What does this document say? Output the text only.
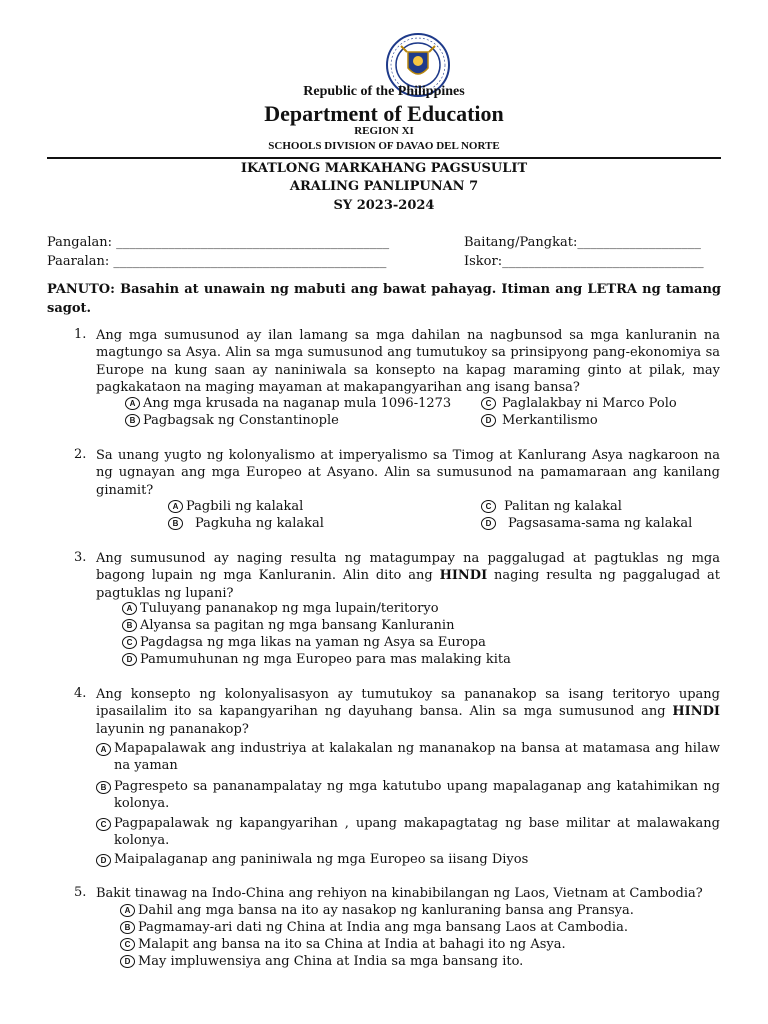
Republic of the Philippines
Department of Education
REGION XI
SCHOOLS DIVISION OF DAVAO DEL NORTE
IKATLONG MARKAHANG PAGSUSULIT
ARALING PANLIPUNAN 7
SY 2023-2024
Pangalan: __________________________________________
Paaralan: __________________________________________
Baitang/Pangkat:___________________
Iskor:_______________________________
PANUTO: Basahin at unawain ng mabuti ang bawat pahayag. Itiman ang LETRA ng tamang sagot.
1. Ang mga sumusunod ay ilan lamang sa mga dahilan na nagbunsod sa mga kanluranin na magtungo sa Asya. Alin sa mga sumusunod ang tumutukoy sa prinsipyong pang-ekonomiya sa Europe na kung saan ay naniniwala sa konsepto na kapag maraming ginto at pilak, may pagkakataon na maging mayaman at makapangyarihan ang isang bansa?
A Ang mga krusada na naganap mula 1096-1273	C Paglalakbay ni Marco Polo
B Pagbagsak ng Constantinople	D Merkantilismo
2. Sa unang yugto ng kolonyalismo at imperyalismo sa Timog at Kanlurang Asya nagkaroon na ng ugnayan ang mga Europeo at Asyano. Alin sa sumusunod na pamamaraan ang kanilang ginamit?
A Pagbili ng kalakal	C Palitan ng kalakal
B	Pagkuha ng kalakal	D	Pagsasama-sama ng kalakal
3. Ang sumusunod ay naging resulta ng matagumpay na paggalugad at pagtuklas ng mga bagong lupain ng mga Kanluranin. Alin dito ang HINDI naging resulta ng paggalugad at pagtuklas ng lupani?
A Tuluyang pananakop ng mga lupain/teritoryo
B Alyansa sa pagitan ng mga bansang Kanluranin
C Pagdagsa ng mga likas na yaman ng Asya sa Europa
D Pamumuhunan ng mga Europeo para mas malaking kita
4. Ang konsepto ng kolonyalisasyon ay tumutukoy sa pananakop sa isang teritoryo upang ipasailalim ito sa kapangyarihan ng dayuhang bansa. Alin sa mga sumusunod ang HINDI layunin ng pananakop?
A Mapapalawak ang industriya at kalakalan ng mananakop na bansa at matamasa ang hilaw na yaman
B Pagrespeto sa pananampalatay ng mga katutubo upang mapalaganap ang katahimikan ng kolonya.
C Pagpapalawak ng kapangyarihan , upang makapagtatag ng base militar at malawakang kolonya.
D Maipalaganap ang paniniwala ng mga Europeo sa iisang Diyos
5. Bakit tinawag na Indo-China ang rehiyon na kinabibilangan ng Laos, Vietnam at Cambodia?
A Dahil ang mga bansa na ito ay nasakop ng kanluraning bansa ang Pransya.
B Pagmamay-ari dati ng China at India ang mga bansang Laos at Cambodia.
C Malapit ang bansa na ito sa China at India at bahagi ito ng Asya.
D May impluwensiya ang China at India sa mga bansang ito.
